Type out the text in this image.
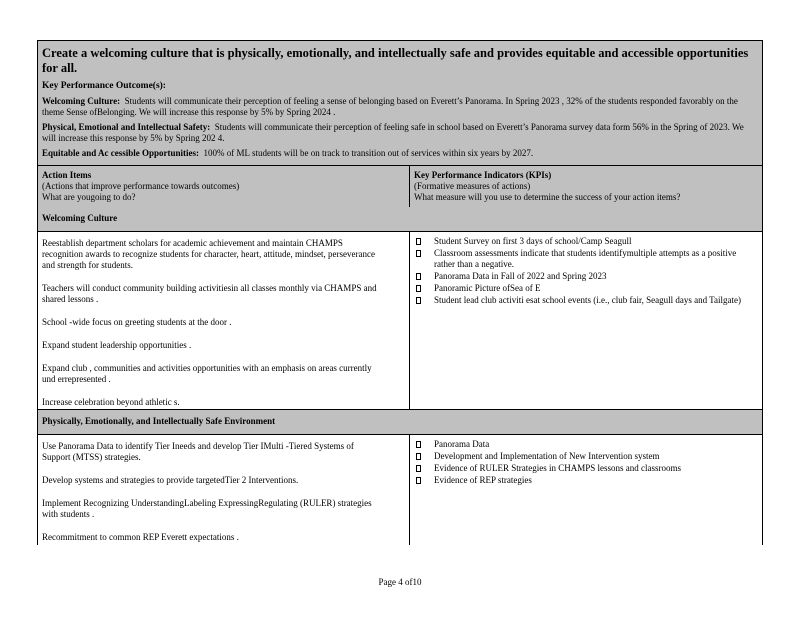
Create a welcoming culture that is physically, emotionally, and intellectually safe and provides equitable and accessible opportunities for all.
Key Performance Outcome(s):
Welcoming Culture: Students will communicate their perception of feeling a sense of belonging based on Everett’s Panorama. In Spring 2023 , 32% of the students responded favorably on the theme Sense ofBelonging. We will increase this response by 5% by Spring 2024 .
Physical, Emotional and Intellectual Safety: Students will communicate their perception of feeling safe in school based on Everett’s Panorama survey data form 56% in the Spring of 2023. We will increase this response by 5% by Spring 202 4.
Equitable and Ac cessible Opportunities: 100% of ML students will be on track to transition out of services within six years by 2027.
Action Items
(Actions that improve performance towards outcomes)
What are yougoing to do?
Key Performance Indicators (KPIs)
(Formative measures of actions)
What measure will you use to determine the success of your action items?
Welcoming Culture

Reestablish department scholars for academic achievement and maintain CHAMPS recognition awards to recognize students for character, heart, attitude, mindset, perseverance and strength for students.

Teachers will conduct community building activitiesin all classes monthly via CHAMPS and shared lessons .

School -wide focus on greeting students at the door .

Expand student leadership opportunities .

Expand club , communities and activities opportunities with an emphasis on areas currently und errepresented .

Increase celebration beyond athletic s.

Student Survey on first 3 days of school/Camp Seagull
Classroom assessments indicate that students identifymultiple attempts as a positive rather than a negative.
Panorama Data in Fall of 2022 and Spring 2023
Panoramic Picture ofSea of E
Student lead club activiti esat school events (i.e., club fair, Seagull days and Tailgate)
Physically, Emotionally, and Intellectually Safe Environment

Use Panorama Data to identify Tier Ineeds and develop Tier IMulti -Tiered Systems of Support (MTSS) strategies.

Develop systems and strategies to provide targetedTier 2 Interventions.

Implement Recognizing UnderstandingLabeling ExpressingRegulating (RULER) strategies with students .

Recommitment to common REP Everett expectations .

Panorama Data
Development and Implementation of New Intervention system
Evidence of RULER Strategies in CHAMPS lessons and classrooms
Evidence of REP strategies
Page 4 of10
